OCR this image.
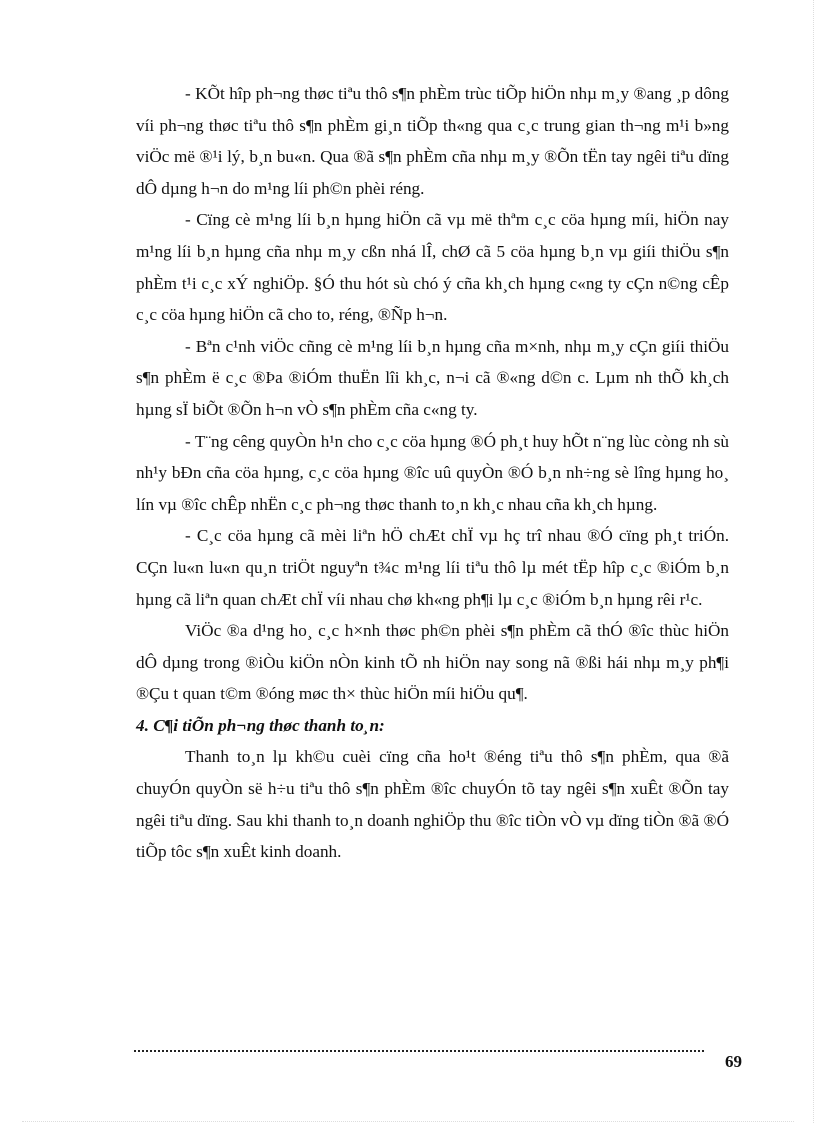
- KÕt hîp ph¬ng thøc tiªu thô s¶n phÈm trùc tiÕp hiÖn nhµ m¸y ®ang ¸p dông víi ph¬ng thøc tiªu thô s¶n phÈm gi¸n tiÕp th«ng qua c¸c trung gian th¬ng m¹i b»ng viÖc më ®¹i lý, b¸n bu«n. Qua ®ã s¶n phÈm cña nhµ m¸y ®Õn tËn tay ngêi tiªu dïng dÔ dµng h¬n do m¹ng líi ph©n phèi réng.

- Cïng cè m¹ng líi b¸n hµng hiÖn cã vµ më thªm c¸c cöa hµng míi, hiÖn nay m¹ng líi b¸n hµng cña nhµ m¸y cßn nhá lÎ, chØ cã 5 cöa hµng b¸n vµ giíi thiÖu s¶n phÈm t¹i c¸c xÝ nghiÖp. §Ó thu hót sù chó ý cña kh¸ch hµng c«ng ty cÇn n©ng cÊp c¸c cöa hµng hiÖn cã cho to, réng, ®Ñp h¬n.

- Bªn c¹nh viÖc cñng cè m¹ng líi b¸n hµng cña m×nh, nhµ m¸y cÇn giíi thiÖu s¶n phÈm ë c¸c ®Þa ®iÓm thuËn lîi kh¸c, n¬i cã ®«ng d©n c. Lµm nh thÕ kh¸ch hµng sÏ biÕt ®Õn h¬n vÒ s¶n phÈm cña c«ng ty.

- T¨ng cêng quyÒn h¹n cho c¸c cöa hµng ®Ó ph¸t huy hÕt n¨ng lùc còng nh sù nh¹y bÐn cña cöa hµng, c¸c cöa hµng ®îc uû quyÒn ®Ó b¸n nh÷ng sè lîng hµng ho¸ lín vµ ®îc chÊp nhËn c¸c ph¬ng thøc thanh to¸n kh¸c nhau cña kh¸ch hµng.

- C¸c cöa hµng cã mèi liªn hÖ chÆt chÏ vµ hç trî nhau ®Ó cïng ph¸t triÓn. CÇn lu«n lu«n qu¸n triÖt nguyªn t¾c m¹ng líi tiªu thô lµ mét tËp hîp c¸c ®iÓm b¸n hµng cã liªn quan chÆt chÏ víi nhau chø kh«ng ph¶i lµ c¸c ®iÓm b¸n hµng rêi r¹c.

ViÖc ®a d¹ng ho¸ c¸c h×nh thøc ph©n phèi s¶n phÈm cã thÓ ®îc thùc hiÖn dÔ dµng trong ®iÒu kiÖn nÒn kinh tÕ nh hiÖn nay song nã ®ßi hái nhµ m¸y ph¶i ®Çu t quan t©m ®óng møc th× thùc hiÖn míi hiÖu qu¶.

4. C¶i tiÕn ph¬ng thøc thanh to¸n:

Thanh to¸n lµ kh©u cuèi cïng cña ho¹t ®éng tiªu thô s¶n phÈm, qua ®ã chuyÓn quyÒn së h÷u tiªu thô s¶n phÈm ®îc chuyÓn tõ tay ngêi s¶n xuÊt ®Õn tay ngêi tiªu dïng. Sau khi thanh to¸n doanh nghiÖp thu ®îc tiÒn vÒ vµ dïng tiÒn ®ã ®Ó tiÕp tôc s¶n xuÊt kinh doanh.

69
